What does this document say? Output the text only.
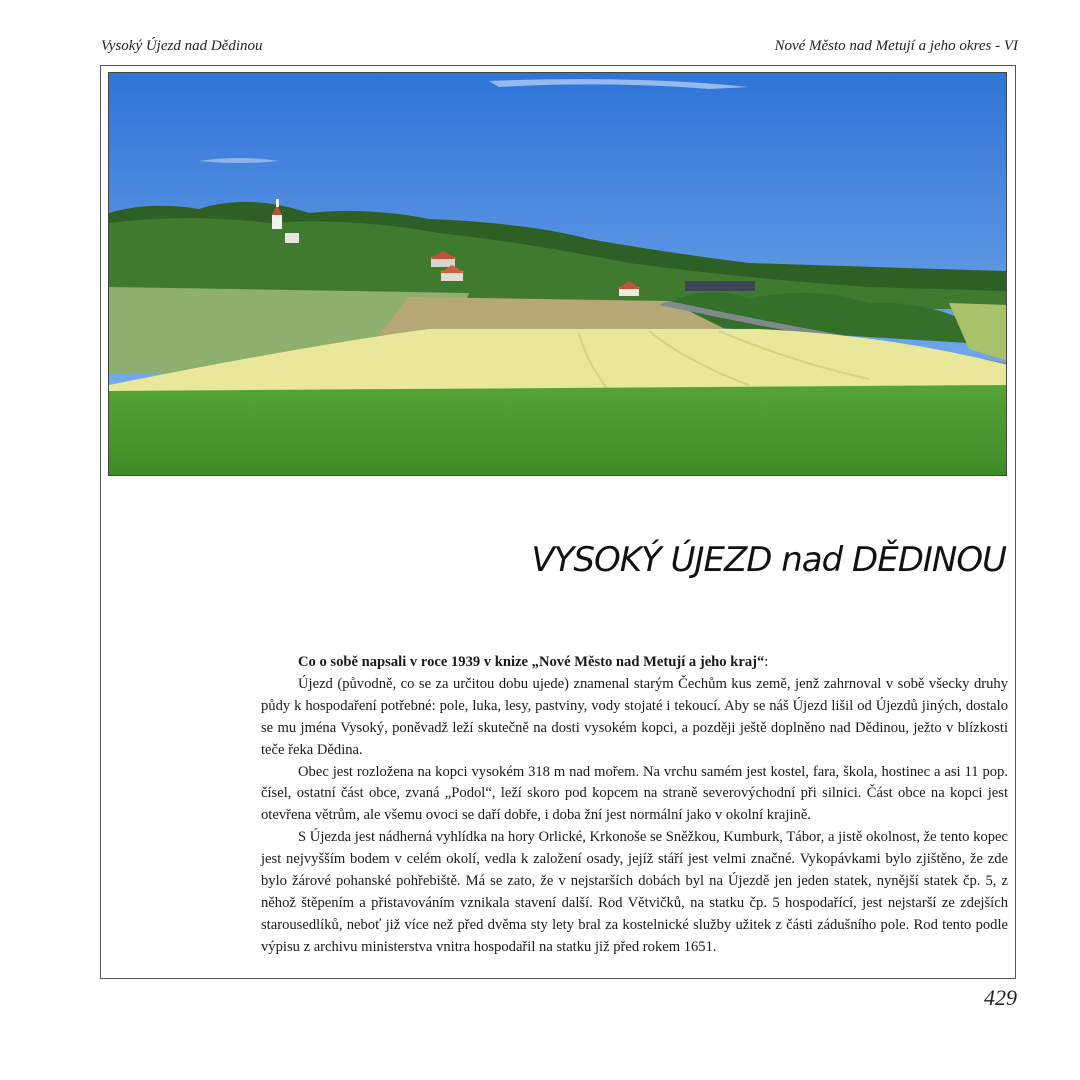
Vysoký Újezd nad Dědinou	Nové Město nad Metují a jeho okres - VI
VYSOKÝ ÚJEZD nad DĚDINOU

Co o sobě napsali v roce 1939 v knize „Nové Město nad Metují a jeho kraj“:

Újezd (původně, co se za určitou dobu ujede) znamenal starým Čechům kus země, jenž zahrnoval v sobě všecky druhy půdy k hospodaření potřebné: pole, luka, lesy, pastviny, vody stojaté i tekoucí. Aby se náš Újezd lišil od Újezdů jiných, dostalo se mu jména Vysoký, poněvadž leží skutečně na dosti vysokém kopci, a později ještě doplněno nad Dědinou, ježto v blízkosti teče řeka Dědina.

Obec jest rozložena na kopci vysokém 318 m nad mořem. Na vrchu samém jest kostel, fara, škola, hostinec a asi 11 pop. čísel, ostatní část obce, zvaná „Podol“, leží skoro pod kopcem na straně severovýchodní při silnici. Část obce na kopci jest otevřena větrům, ale všemu ovoci se daří dobře, i doba žní jest normální jako v okolní krajině.

S Újezda jest nádherná vyhlídka na hory Orlické, Krkonoše se Sněžkou, Kumburk, Tábor, a jistě okolnost, že tento kopec jest nejvyšším bodem v celém okolí, vedla k založení osady, jejíž stáří jest velmi značné. Vykopávkami bylo zjištěno, že zde bylo žárové pohanské pohřebiště. Má se zato, že v nejstarších dobách byl na Újezdě jen jeden statek, nynější statek čp. 5, z něhož štěpením a přistavováním vznikala stavení další. Rod Větvičků, na statku čp. 5 hospodařící, jest nejstarší ze zdejších starousedlíků, neboť již více než před dvěma sty lety bral za kostelnické služby užitek z části zádušního pole. Rod tento podle výpisu z archivu ministerstva vnitra hospodařil na statku již před rokem 1651.

429
